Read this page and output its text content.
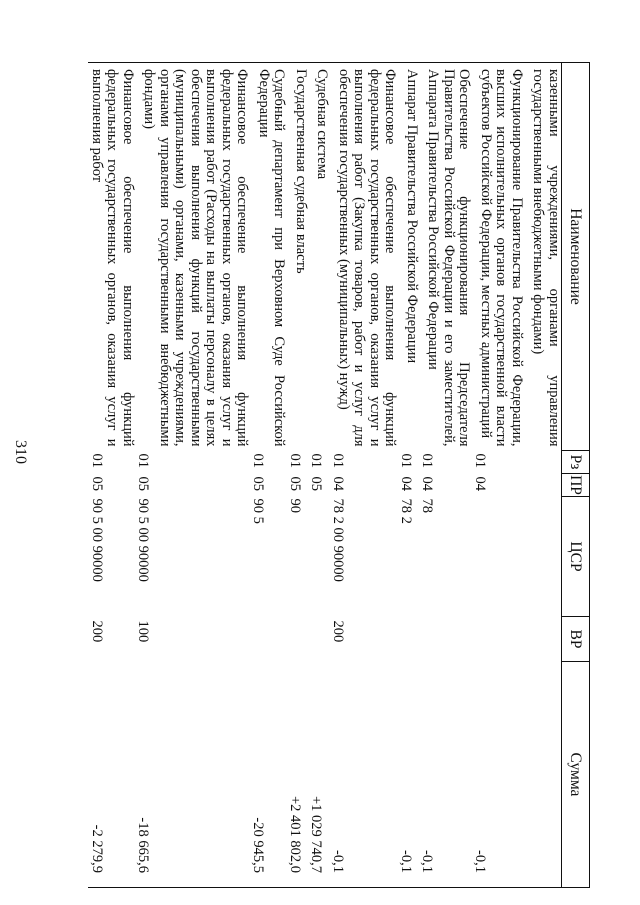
310
Наименование	Рз	ПР	ЦСР	ВР	Сумма
казенными учреждениями, органами управления государственными внебюджетными фондами)					
Функционирование Правительства Российской Федерации, высших исполнительных органов государственной власти субъектов Российской Федерации, местных администраций	01	04			-0,1
Обеспечение функционирования Председателя Правительства Российской Федерации и его заместителей, Аппарата Правительства Российской Федерации	01	04	78		-0,1
Аппарат Правительства Российской Федерации	01	04	78 2		-0,1
Финансовое обеспечение выполнения функций федеральных государственных органов, оказания услуг и выполнения работ (Закупка товаров, работ и услуг для обеспечения государственных (муниципальных) нужд)	01	04	78 2 00 90000	200	-0,1
Судебная система	01	05			+1 029 740,7
Государственная судебная власть	01	05	90		+2 401 802,0
Судебный департамент при Верховном Суде Российской Федерации	01	05	90 5		-20 945,5
Финансовое обеспечение выполнения функций федеральных государственных органов, оказания услуг и выполнения работ (Расходы на выплаты персоналу в целях обеспечения выполнения функций государственными (муниципальными) органами, казенными учреждениями, органами управления государственными внебюджетными фондами)	01	05	90 5 00 90000	100	-18 665,6
Финансовое обеспечение выполнения функций федеральных государственных органов, оказания услуг и выполнения работ	01	05	90 5 00 90000	200	-2 279,9
